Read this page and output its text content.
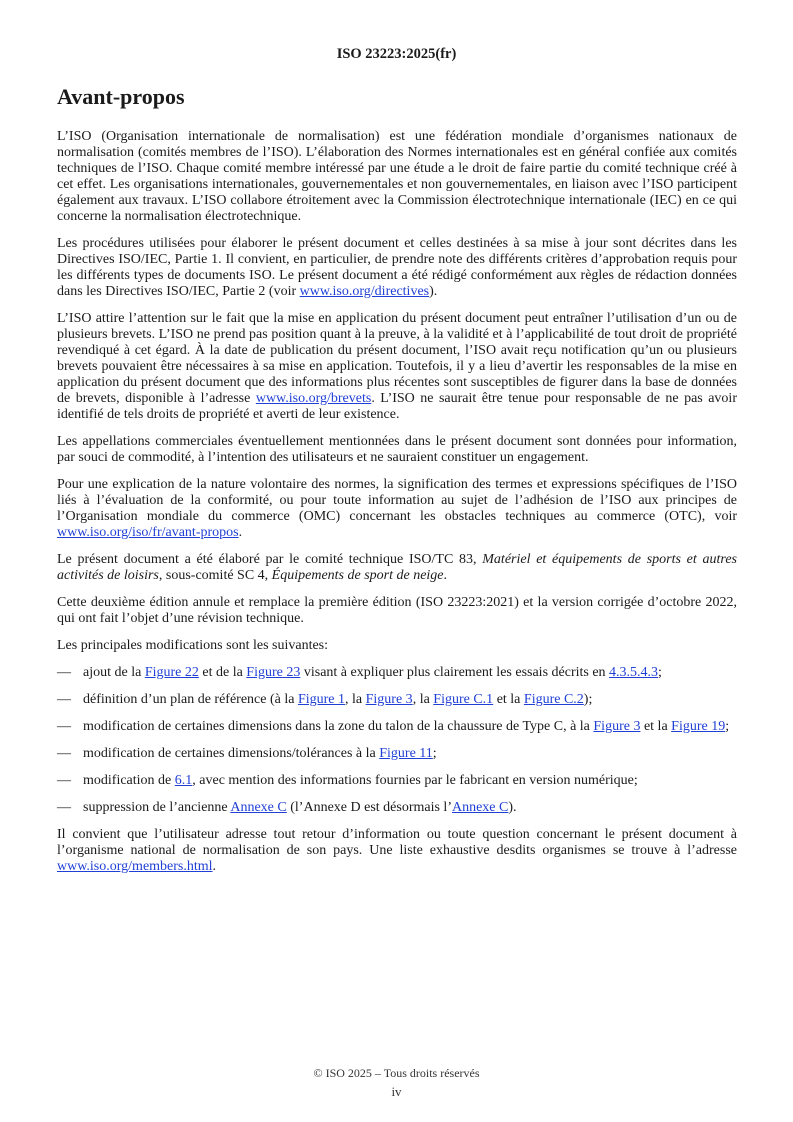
ISO 23223:2025(fr)
Avant-propos

L’ISO (Organisation internationale de normalisation) est une fédération mondiale d’organismes nationaux de normalisation (comités membres de l’ISO). L’élaboration des Normes internationales est en général confiée aux comités techniques de l’ISO. Chaque comité membre intéressé par une étude a le droit de faire partie du comité technique créé à cet effet. Les organisations internationales, gouvernementales et non gouvernementales, en liaison avec l’ISO participent également aux travaux. L’ISO collabore étroitement avec la Commission électrotechnique internationale (IEC) en ce qui concerne la normalisation électrotechnique.

Les procédures utilisées pour élaborer le présent document et celles destinées à sa mise à jour sont décrites dans les Directives ISO/IEC, Partie 1. Il convient, en particulier, de prendre note des différents critères d’approbation requis pour les différents types de documents ISO. Le présent document a été rédigé conformément aux règles de rédaction données dans les Directives ISO/IEC, Partie 2 (voir www.iso.org/directives).

L’ISO attire l’attention sur le fait que la mise en application du présent document peut entraîner l’utilisation d’un ou de plusieurs brevets. L’ISO ne prend pas position quant à la preuve, à la validité et à l’applicabilité de tout droit de propriété revendiqué à cet égard. À la date de publication du présent document, l’ISO avait reçu notification qu’un ou plusieurs brevets pouvaient être nécessaires à sa mise en application. Toutefois, il y a lieu d’avertir les responsables de la mise en application du présent document que des informations plus récentes sont susceptibles de figurer dans la base de données de brevets, disponible à l’adresse www.iso.org/brevets. L’ISO ne saurait être tenue pour responsable de ne pas avoir identifié de tels droits de propriété et averti de leur existence.

Les appellations commerciales éventuellement mentionnées dans le présent document sont données pour information, par souci de commodité, à l’intention des utilisateurs et ne sauraient constituer un engagement.

Pour une explication de la nature volontaire des normes, la signification des termes et expressions spécifiques de l’ISO liés à l’évaluation de la conformité, ou pour toute information au sujet de l’adhésion de l’ISO aux principes de l’Organisation mondiale du commerce (OMC) concernant les obstacles techniques au commerce (OTC), voir www.iso.org/iso/fr/avant-propos.

Le présent document a été élaboré par le comité technique ISO/TC 83, Matériel et équipements de sports et autres activités de loisirs, sous-comité SC 4, Équipements de sport de neige.

Cette deuxième édition annule et remplace la première édition (ISO 23223:2021) et la version corrigée d’octobre 2022, qui ont fait l’objet d’une révision technique.

Les principales modifications sont les suivantes:

— ajout de la Figure 22 et de la Figure 23 visant à expliquer plus clairement les essais décrits en 4.3.5.4.3;
— définition d’un plan de référence (à la Figure 1, la Figure 3, la Figure C.1 et la Figure C.2);
— modification de certaines dimensions dans la zone du talon de la chaussure de Type C, à la Figure 3 et la Figure 19;
— modification de certaines dimensions/tolérances à la Figure 11;
— modification de 6.1, avec mention des informations fournies par le fabricant en version numérique;
— suppression de l’ancienne Annexe C (l’Annexe D est désormais l’Annexe C).

Il convient que l’utilisateur adresse tout retour d’information ou toute question concernant le présent document à l’organisme national de normalisation de son pays. Une liste exhaustive desdits organismes se trouve à l’adresse www.iso.org/members.html.

© ISO 2025 – Tous droits réservés
iv
